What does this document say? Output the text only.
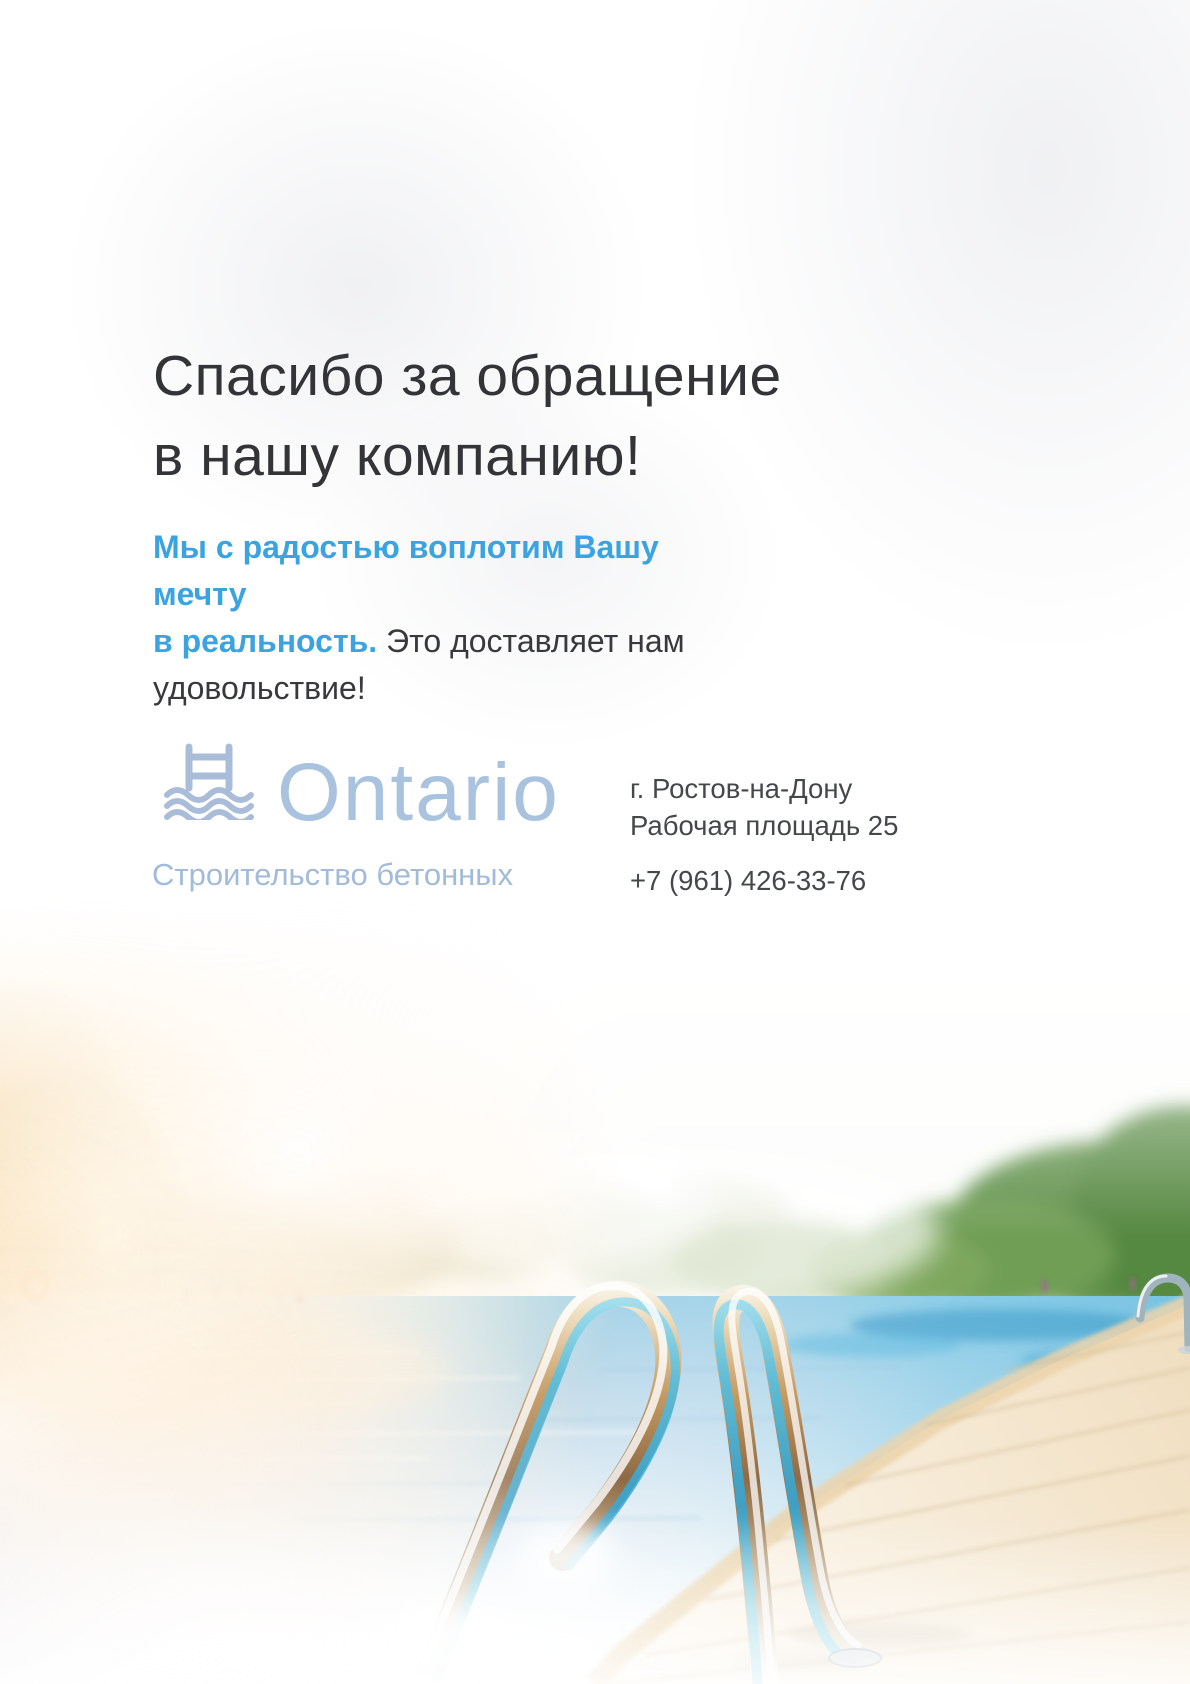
Спасибо за обращение
в нашу компанию!
Мы с радостью воплотим Вашу мечту
в реальность. Это доставляет нам удовольствие!
Ontario
Строительство бетонных
г. Ростов-на-Дону
Рабочая площадь 25
+7 (961) 426-33-76
